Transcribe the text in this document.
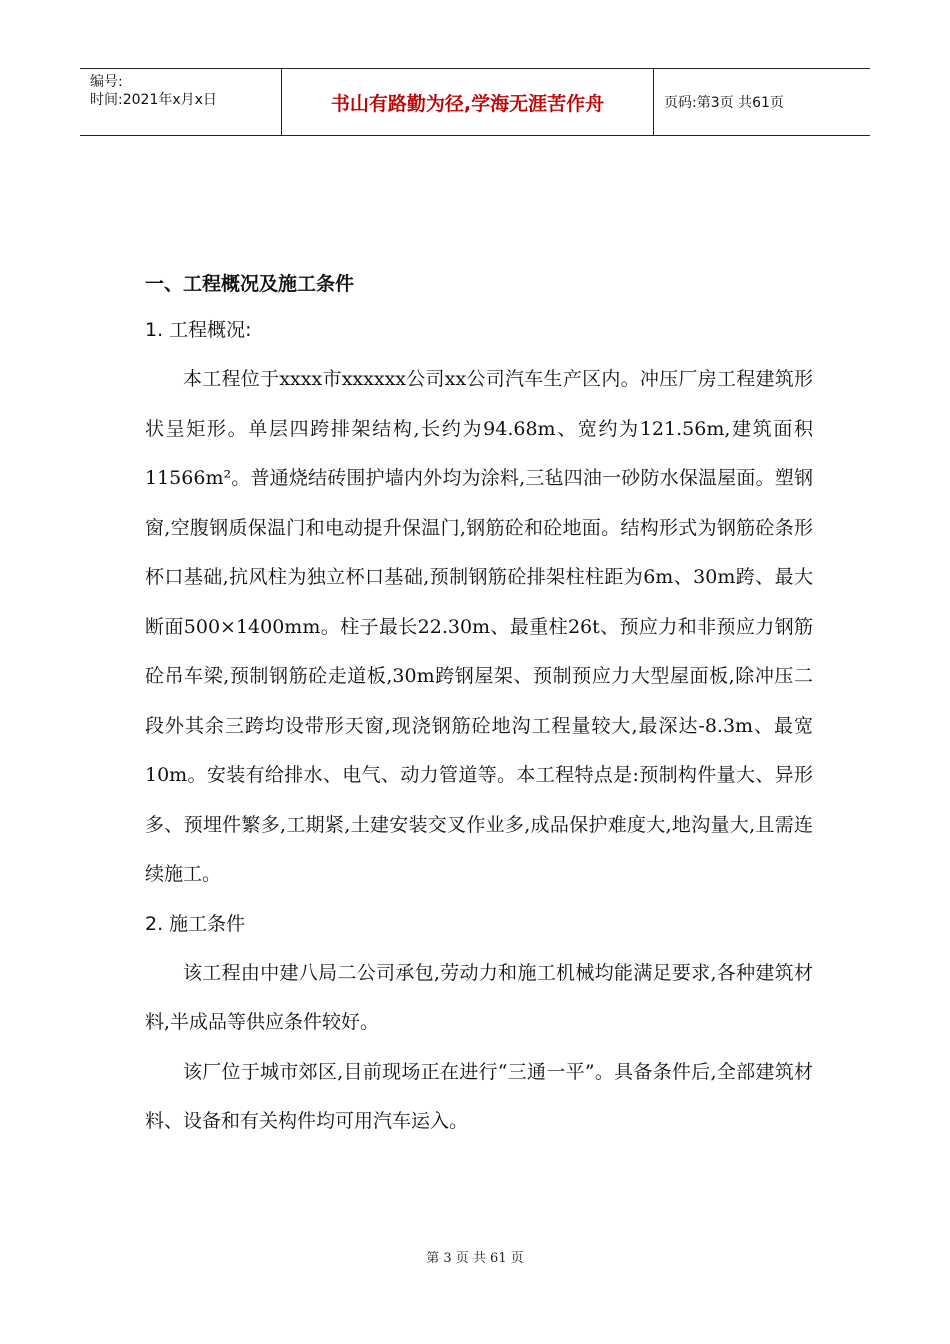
编号:
时间:2021年x月x日	书山有路勤为径,学海无涯苦作舟	页码:第3页 共61页
一、工程概况及施工条件
1. 工程概况:

本工程位于xxxx市xxxxxx公司xx公司汽车生产区内。冲压厂房工程建筑形状呈矩形。单层四跨排架结构,长约为94.68m、宽约为121.56m,建筑面积11566m²。普通烧结砖围护墙内外均为涂料,三毡四油一砂防水保温屋面。塑钢窗,空腹钢质保温门和电动提升保温门,钢筋砼和砼地面。结构形式为钢筋砼条形杯口基础,抗风柱为独立杯口基础,预制钢筋砼排架柱柱距为6m、30m跨、最大断面500×1400mm。柱子最长22.30m、最重柱26t、预应力和非预应力钢筋砼吊车梁,预制钢筋砼走道板,30m跨钢屋架、预制预应力大型屋面板,除冲压二段外其余三跨均设带形天窗,现浇钢筋砼地沟工程量较大,最深达-8.3m、最宽10m。安装有给排水、电气、动力管道等。本工程特点是:预制构件量大、异形多、预埋件繁多,工期紧,土建安装交叉作业多,成品保护难度大,地沟量大,且需连续施工。

2. 施工条件

该工程由中建八局二公司承包,劳动力和施工机械均能满足要求,各种建筑材料,半成品等供应条件较好。

该厂位于城市郊区,目前现场正在进行“三通一平”。具备条件后,全部建筑材料、设备和有关构件均可用汽车运入。

第 3 页 共 61 页
